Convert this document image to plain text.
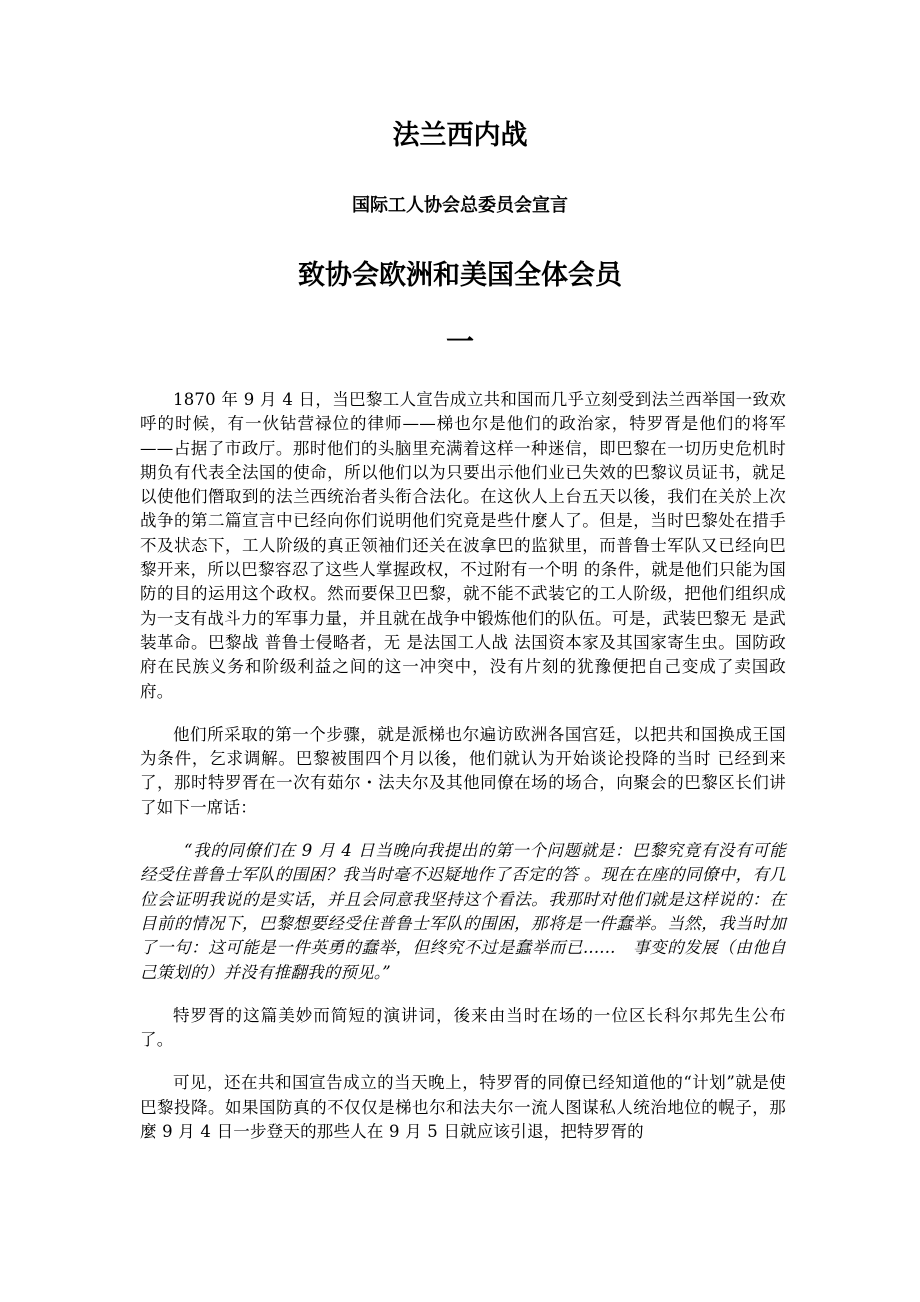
法兰西内战
国际工人协会总委员会宣言
致协会欧洲和美国全体会员
一

1870 年 9 月 4 日，当巴黎工人宣告成立共和国而几乎立刻受到法兰西举国一致欢呼的时候，有一伙钻营禄位的律师——梯也尔是他们的政治家，特罗胥是他们的将军——占据了市政厅。那时他们的头脑里充满着这样一种迷信，即巴黎在一切历史危机时期负有代表全法国的使命，所以他们以为只要出示他们业已失效的巴黎议员证书，就足以使他们僭取到的法兰西统治者头衔合法化。在这伙人上台五天以後，我们在关於上次战争的第二篇宣言中已经向你们说明他们究竟是些什麼人了。但是，当时巴黎处在措手不及状态下，工人阶级的真正领袖们还关在波拿巴的监狱里，而普鲁士军队又已经向巴黎开来，所以巴黎容忍了这些人掌握政权，不过附有一个明 的条件，就是他们只能为国防的目的运用这个政权。然而要保卫巴黎，就不能不武装它的工人阶级，把他们组织成为一支有战斗力的军事力量，并且就在战争中锻炼他们的队伍。可是，武装巴黎无 是武装革命。巴黎战 普鲁士侵略者，无 是法国工人战 法国资本家及其国家寄生虫。国防政府在民族义务和阶级利益之间的这一冲突中，没有片刻的犹豫便把自己变成了卖国政府。

他们所采取的第一个步骤，就是派梯也尔遍访欧洲各国宫廷，以把共和国换成王国为条件，乞求调解。巴黎被围四个月以後，他们就认为开始谈论投降的当时 已经到来了，那时特罗胥在一次有茹尔・法夫尔及其他同僚在场的场合，向聚会的巴黎区长们讲了如下一席话：

“我的同僚们在 9 月 4 日当晚向我提出的第一个问题就是：巴黎究竟有没有可能经受住普鲁士军队的围困？我当时毫不迟疑地作了否定的答 。现在在座的同僚中，有几位会证明我说的是实话，并且会同意我坚持这个看法。我那时对他们就是这样说的：在目前的情况下，巴黎想要经受住普鲁士军队的围困，那将是一件蠢举。当然，我当时加了一句：这可能是一件英勇的蠢举，但终究不过是蠢举而已......　事变的发展（由他自己策划的）并没有推翻我的预见。”

特罗胥的这篇美妙而简短的演讲词，後来由当时在场的一位区长科尔邦先生公布了。

可见，还在共和国宣告成立的当天晚上，特罗胥的同僚已经知道他的“计划”就是使巴黎投降。如果国防真的不仅仅是梯也尔和法夫尔一流人图谋私人统治地位的幌子，那麼 9 月 4 日一步登天的那些人在 9 月 5 日就应该引退，把特罗胥的
